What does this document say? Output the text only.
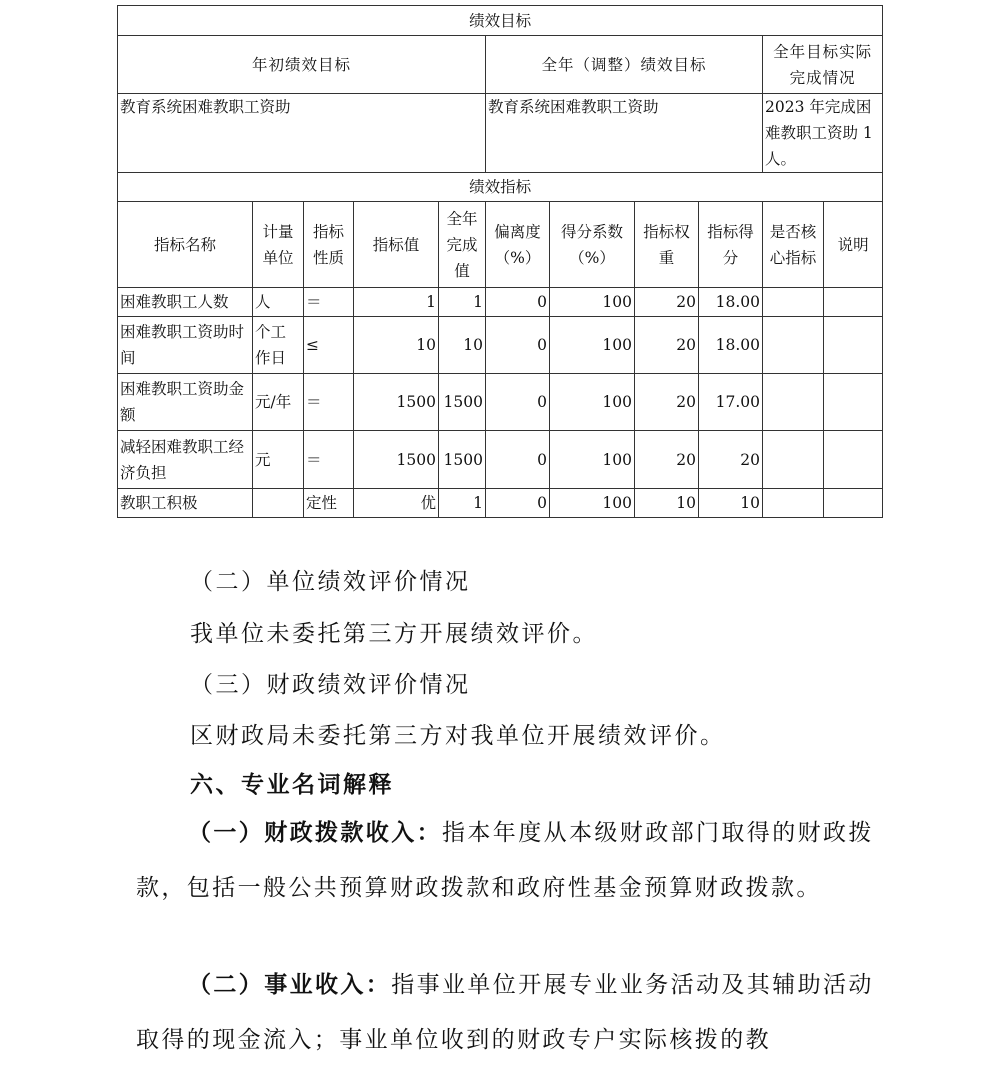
绩效目标										
年初绩效目标					全年（调整）绩效目标				全年目标实际完成情况	
教育系统困难教职工资助					教育系统困难教职工资助				2023 年完成困难教职工资助 1 人。	
绩效指标										
指标名称	计量单位	指标性质	指标值	全年完成值	偏离度（%）	得分系数（%）	指标权重	指标得分	是否核心指标	说明
困难教职工人数	人	＝	1	1	0	100	20	18.00		
困难教职工资助时间	个工作日	≤	10	10	0	100	20	18.00		
困难教职工资助金额	元/年	＝	1500	1500	0	100	20	17.00		
减轻困难教职工经济负担	元	＝	1500	1500	0	100	20	20		
教职工积极		定性	优	1	0	100	10	10		

（二）单位绩效评价情况

我单位未委托第三方开展绩效评价。

（三）财政绩效评价情况

区财政局未委托第三方对我单位开展绩效评价。

六、专业名词解释

（一）财政拨款收入：指本年度从本级财政部门取得的财政拨款，包括一般公共预算财政拨款和政府性基金预算财政拨款。

（二）事业收入：指事业单位开展专业业务活动及其辅助活动取得的现金流入；事业单位收到的财政专户实际核拨的教
